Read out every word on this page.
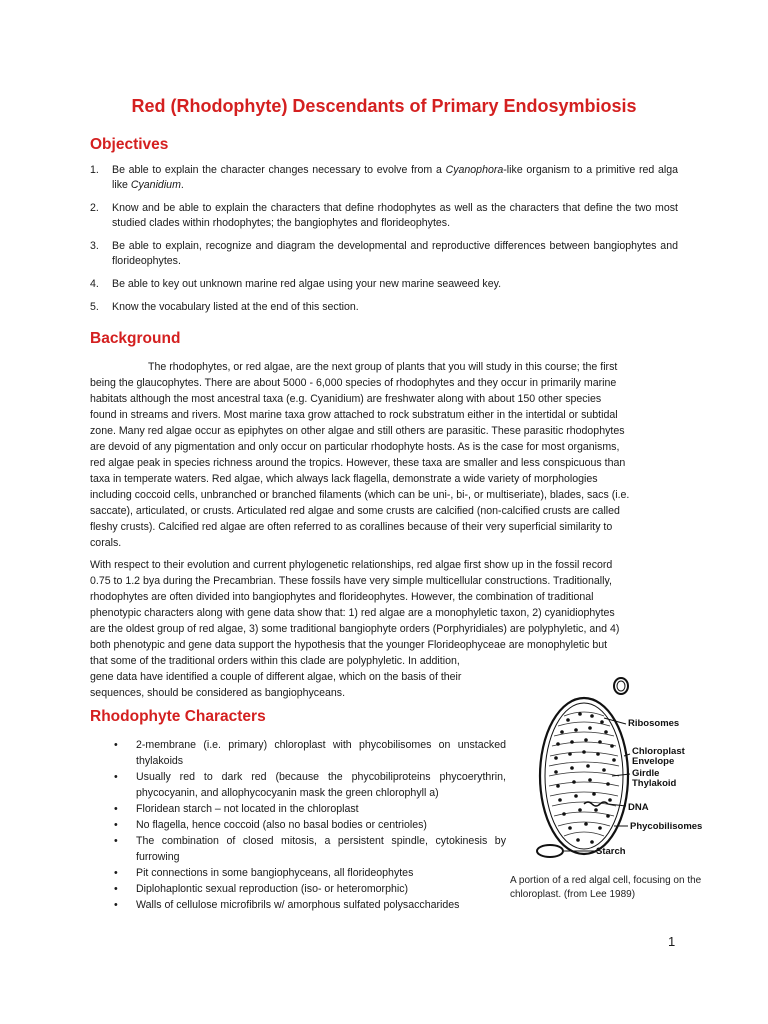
Red (Rhodophyte) Descendants of Primary Endosymbiosis
Objectives
1. Be able to explain the character changes necessary to evolve from a Cyanophora-like organism to a primitive red alga like Cyanidium.
2. Know and be able to explain the characters that define rhodophytes as well as the characters that define the two most studied clades within rhodophytes; the bangiophytes and florideophytes.
3. Be able to explain, recognize and diagram the developmental and reproductive differences between bangiophytes and florideophytes.
4. Be able to key out unknown marine red algae using your new marine seaweed key.
5. Know the vocabulary listed at the end of this section.
Background

The rhodophytes, or red algae, are the next group of plants that you will study in this course; the first

being the glaucophytes. There are about 5000 - 6,000 species of rhodophytes and they occur in primarily marine

habitats although the most ancestral taxa (e.g. Cyanidium) are freshwater along with about 150 other species

found in streams and rivers. Most marine taxa grow attached to rock substratum either in the intertidal or subtidal

zone. Many red algae occur as epiphytes on other algae and still others are parasitic. These parasitic rhodophytes

are devoid of any pigmentation and only occur on particular rhodophyte hosts. As is the case for most organisms,

red algae peak in species richness around the tropics. However, these taxa are smaller and less conspicuous than

taxa in temperate waters. Red algae, which always lack flagella, demonstrate a wide variety of morphologies

including coccoid cells, unbranched or branched filaments (which can be uni-, bi-, or multiseriate), blades, sacs (i.e.

saccate), articulated, or crusts. Articulated red algae and some crusts are calcified (non-calcified crusts are called

fleshy crusts). Calcified red algae are often referred to as corallines because of their very superficial similarity to

corals.

With respect to their evolution and current phylogenetic relationships, red algae first show up in the fossil record

0.75 to 1.2 bya during the Precambrian. These fossils have very simple multicellular constructions. Traditionally,

rhodophytes are often divided into bangiophytes and florideophytes. However, the combination of traditional

phenotypic characters along with gene data show that: 1) red algae are a monophyletic taxon, 2) cyanidiophytes

are the oldest group of red algae, 3) some traditional bangiophyte orders (Porphyridiales) are polyphyletic, and 4)

both phenotypic and gene data support the hypothesis that the younger Florideophyceae are monophyletic but

that some of the traditional orders within this clade are polyphyletic. In addition,

gene data have identified a couple of different algae, which on the basis of their

sequences, should be considered as bangiophyceans.

Rhodophyte Characters
• 2-membrane (i.e. primary) chloroplast with phycobilisomes on unstacked thylakoids
• Usually red to dark red (because the phycobiliproteins phycoerythrin, phycocyanin, and allophycocyanin mask the green chlorophyll a)
• Floridean starch – not located in the chloroplast
• No flagella, hence coccoid (also no basal bodies or centrioles)
• The combination of closed mitosis, a persistent spindle, cytokinesis by furrowing
• Pit connections in some bangiophyceans, all florideophytes
• Diplohaplontic sexual reproduction (iso- or heteromorphic)
• Walls of cellulose microfibrils w/ amorphous sulfated polysaccharides
Ribosomes
Chloroplast
Envelope
Girdle
Thylakoid
DNA
Phycobilisomes
Starch
A portion of a red algal cell, focusing on the chloroplast. (from Lee 1989)
1
